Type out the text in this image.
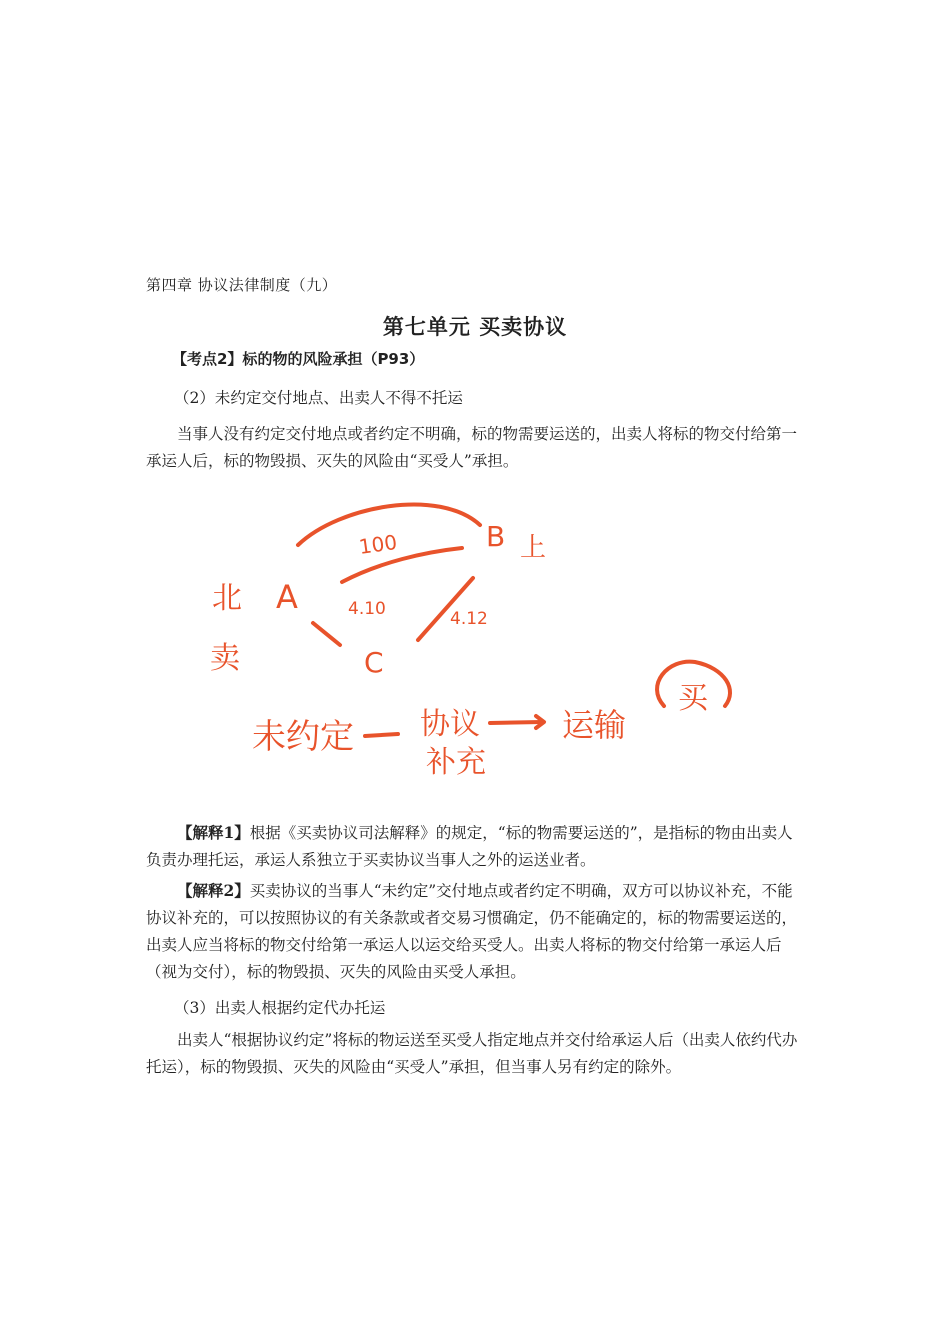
第四章 协议法律制度（九）
第七单元 买卖协议
【考点2】标的物的风险承担（P93）
（2）未约定交付地点、出卖人不得不托运

当事人没有约定交付地点或者约定不明确，标的物需要运送的，出卖人将标的物交付给第一承运人后，标的物毁损、灭失的风险由“买受人”承担。

北
卖
A
B 上
C
100
4.10	4.12
未约定 协议
补充
运输
买

【解释1】根据《买卖协议司法解释》的规定，“标的物需要运送的”，是指标的物由出卖人负责办理托运，承运人系独立于买卖协议当事人之外的运送业者。

【解释2】买卖协议的当事人“未约定”交付地点或者约定不明确，双方可以协议补充，不能协议补充的，可以按照协议的有关条款或者交易习惯确定，仍不能确定的，标的物需要运送的，出卖人应当将标的物交付给第一承运人以运交给买受人。出卖人将标的物交付给第一承运人后（视为交付），标的物毁损、灭失的风险由买受人承担。

（3）出卖人根据约定代办托运

出卖人“根据协议约定”将标的物运送至买受人指定地点并交付给承运人后（出卖人依约代办托运），标的物毁损、灭失的风险由“买受人”承担，但当事人另有约定的除外。
